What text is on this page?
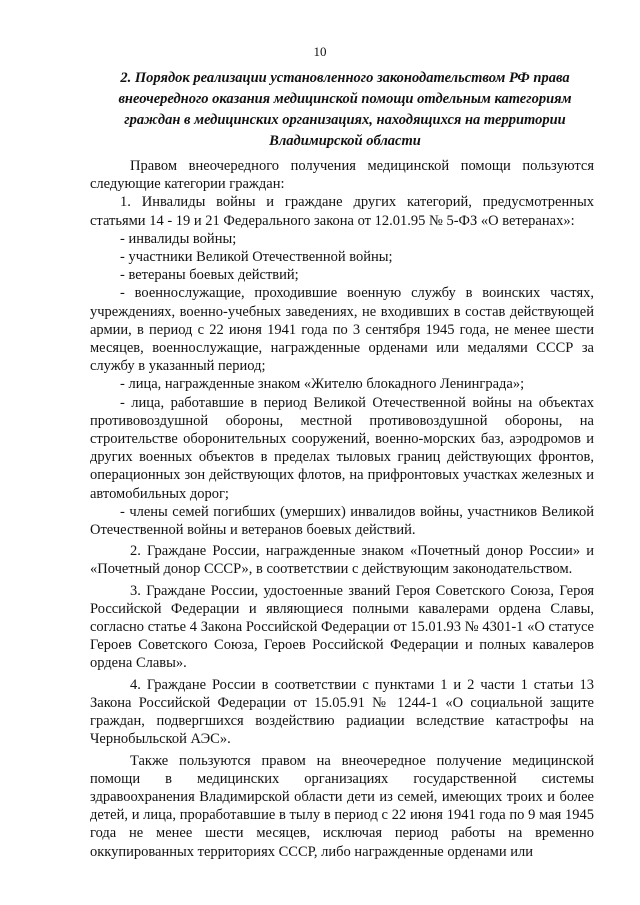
10
2. Порядок реализации установленного законодательством РФ права внеочередного оказания медицинской помощи отдельным категориям граждан в медицинских организациях, находящихся на территории Владимирской области

Правом внеочередного получения медицинской помощи пользуются следующие категории граждан:

1. Инвалиды войны и граждане других категорий, предусмотренных статьями 14 - 19 и 21 Федерального закона от 12.01.95 № 5-ФЗ «О ветеранах»:

- инвалиды войны;

- участники Великой Отечественной войны;

- ветераны боевых действий;

- военнослужащие, проходившие военную службу в воинских частях, учреждениях, военно-учебных заведениях, не входивших в состав действующей армии, в период с 22 июня 1941 года по 3 сентября 1945 года, не менее шести месяцев, военнослужащие, награжденные орденами или медалями СССР за службу в указанный период;

- лица, награжденные знаком «Жителю блокадного Ленинграда»;

- лица, работавшие в период Великой Отечественной войны на объектах противовоздушной обороны, местной противовоздушной обороны, на строительстве оборонительных сооружений, военно-морских баз, аэродромов и других военных объектов в пределах тыловых границ действующих фронтов, операционных зон действующих флотов, на прифронтовых участках железных и автомобильных дорог;

- члены семей погибших (умерших) инвалидов войны, участников Великой Отечественной войны и ветеранов боевых действий.

2. Граждане России, награжденные знаком «Почетный донор России» и «Почетный донор СССР», в соответствии с действующим законодательством.

3. Граждане России, удостоенные званий Героя Советского Союза, Героя Российской Федерации и являющиеся полными кавалерами ордена Славы, согласно статье 4 Закона Российской Федерации от 15.01.93 № 4301-1 «О статусе Героев Советского Союза, Героев Российской Федерации и полных кавалеров ордена Славы».

4. Граждане России в соответствии с пунктами 1 и 2 части 1 статьи 13 Закона Российской Федерации от 15.05.91 № 1244-1 «О социальной защите граждан, подвергшихся воздействию радиации вследствие катастрофы на Чернобыльской АЭС».

Также пользуются правом на внеочередное получение медицинской помощи в медицинских организациях государственной системы здравоохранения Владимирской области дети из семей, имеющих троих и более детей, и лица, проработавшие в тылу в период с 22 июня 1941 года по 9 мая 1945 года не менее шести месяцев, исключая период работы на временно оккупированных территориях СССР, либо награжденные орденами или
